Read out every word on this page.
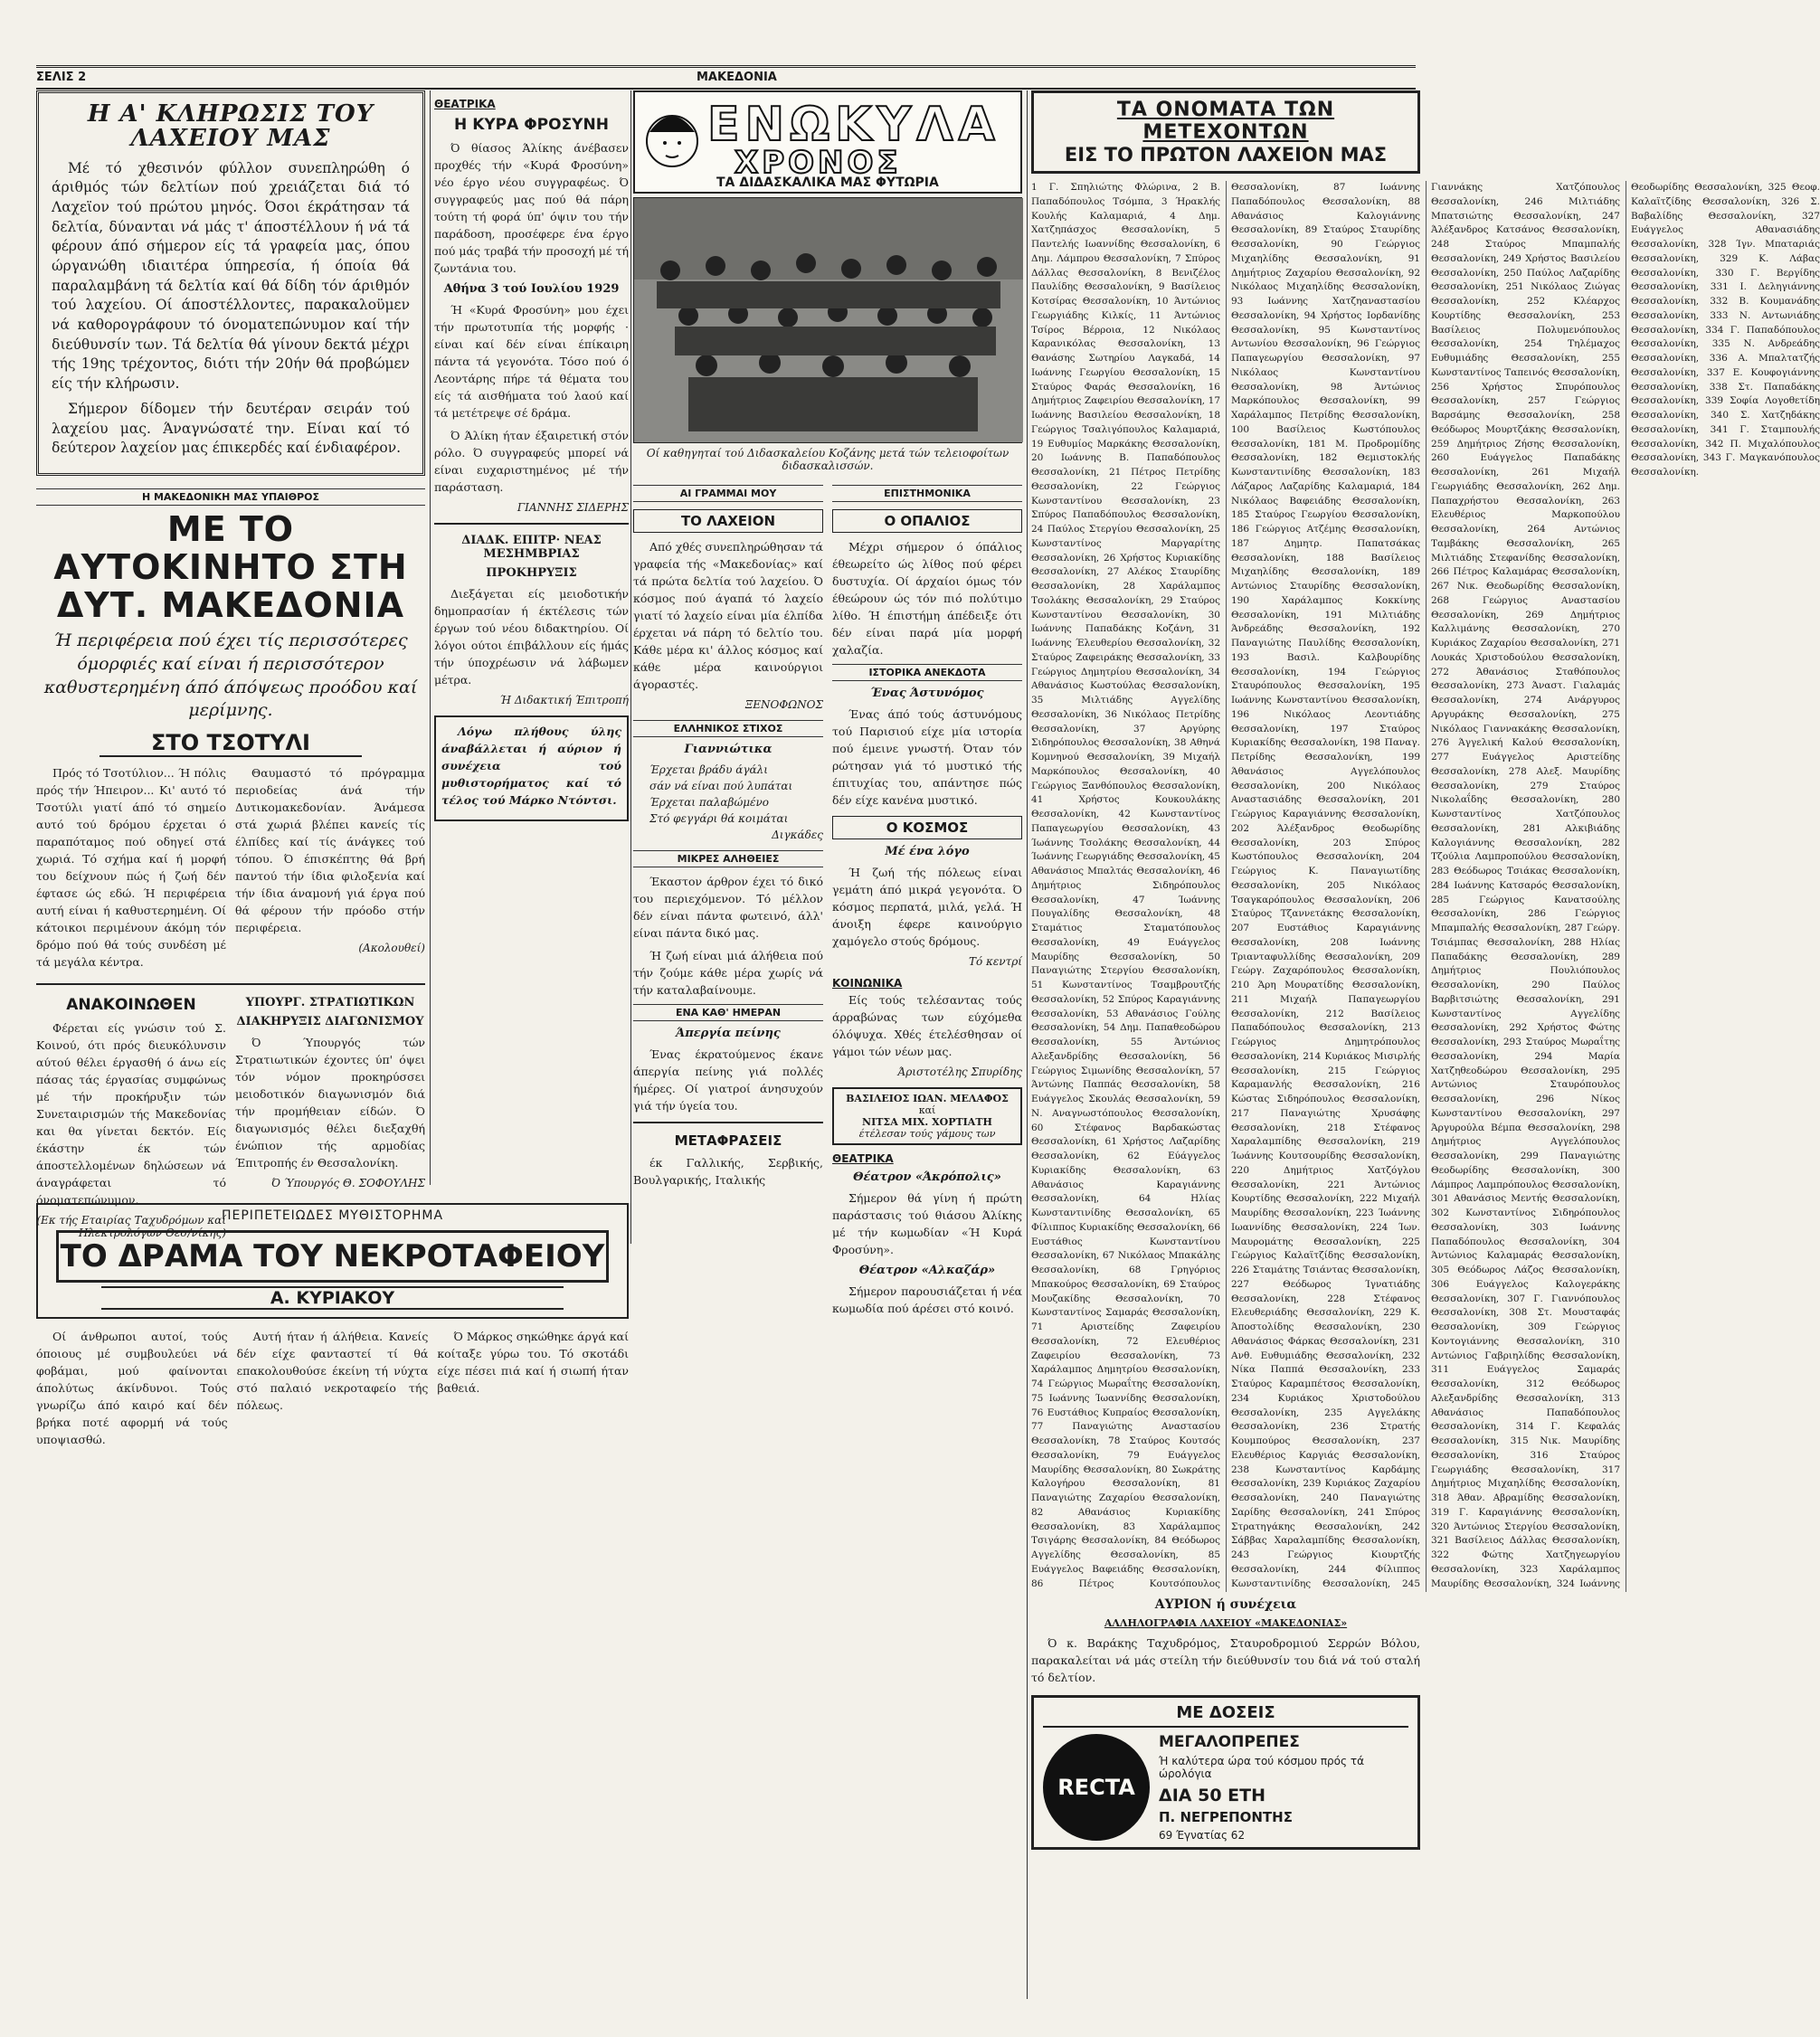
ΣΕΛΙΣ 2	ΜΑΚΕΔΟΝΙΑ
Η Α' ΚΛΗΡΩΣΙΣ ΤΟΥ ΛΑΧΕΙΟΥ ΜΑΣ

Μέ τό χθεσινόν φύλλον συνεπληρώθη ό άριθμός τών δελτίων πού χρειάζεται διά τό Λαχεϊον τού πρώτου μηνός. Όσοι έκράτησαν τά δελτία, δύνανται νά μάς τ' άποστέλλουν ή νά τά φέρουν άπό σήμερον είς τά γραφεία μας, όπου ώργανώθη ιδιαιτέρα ύπηρεσία, ή όποία θά παραλαμβάνη τά δελτία καί θά δίδη τόν άριθμόν τού λαχείου. Οί άποστέλλοντες, παρακαλοϋμεν νά καθορογράφουν τό όνοματεπώνυμον καί τήν διεύθυνσίν των. Τά δελτία θά γίνουν δεκτά μέχρι τής 19ης τρέχοντος, διότι τήν 20ήν θά προβώμεν είς τήν κλήρωσιν.

Σήμερον δίδομεν τήν δευτέραν σειράν τού λαχείου μας. Άναγνώσατέ την. Είναι καί τό δεύτερον λαχείον μας έπικερδές καί ένδιαφέρον.

Η ΜΑΚΕΔΟΝΙΚΗ ΜΑΣ ΥΠΑΙΘΡΟΣ
ΜΕ ΤΟ ΑΥΤΟΚΙΝΗΤΟ ΣΤΗ ΔΥΤ. ΜΑΚΕΔΟΝΙΑ
Ή περιφέρεια πού έχει τίς περισσότερες όμορφιές καί είναι ή περισσότερον καθυστερημένη άπό άπόψεως προόδου καί μερίμνης.
ΣΤΟ ΤΣΟΤΥΛΙ

Πρός τό Τσοτύλιον... Ή πόλις πρός τήν Ήπειρον... Κι' αυτό τό Τσοτύλι γιατί άπό τό σημείο αυτό τού δρόμου έρχεται ό παραπόταμος πού οδηγεί στά χωριά. Τό σχήμα καί ή μορφή του δείχνουν πώς ή ζωή δέν έφτασε ώς εδώ. Ή περιφέρεια αυτή είναι ή καθυστερημένη. Οί κάτοικοι περιμένουν άκόμη τόν δρόμο πού θά τούς συνδέση μέ τά μεγάλα κέντρα.

Θαυμαστό τό πρόγραμμα περιοδείας άνά τήν Δυτικομακεδονίαν. Άνάμεσα στά χωριά βλέπει κανείς τίς έλπίδες καί τίς άνάγκες τού τόπου. Ό έπισκέπτης θά βρή παντού τήν ίδια φιλοξενία καί τήν ίδια άναμονή γιά έργα πού θά φέρουν τήν πρόοδο στήν περιφέρεια.

(Ακολουθεί)
ΑΝΑΚΟΙΝΩΘΕΝ

Φέρεται είς γνώσιν τού Σ. Κοινού, ότι πρός διευκόλυνσιν αύτού θέλει έργασθή ό άνω είς πάσας τάς έργασίας συμφώνως μέ τήν προκήρυξιν τών Συνεταιρισμών τής Μακεδονίας και θα γίνεται δεκτόν. Είς έκάστην έκ τών άποστελλομένων δηλώσεων νά άναγράφεται τό όνοματεπώνυμον.

(Εκ τής Εταιρίας Ταχυδρόμων καί Ηλεκτρολόγων Θεσ/νίκης)
ΥΠΟΥΡΓ. ΣΤΡΑΤΙΩΤΙΚΩΝ
ΔΙΑΚΗΡΥΞΙΣ ΔΙΑΓΩΝΙΣΜΟΥ

Ό Ύπουργός τών Στρατιωτικών έχοντες ύπ' όψει τόν νόμον προκηρύσσει μειοδοτικόν διαγωνισμόν διά τήν προμήθειαν είδών. Ό διαγωνισμός θέλει διεξαχθή ένώπιον τής αρμοδίας Έπιτροπής έν Θεσσαλονίκη.

Ό Ύπουργός Θ. ΣΟΦΟΥΛΗΣ
ΘΕΑΤΡΙΚΑ
Η ΚΥΡΑ ΦΡΟΣΥΝΗ

Ό θίασος Άλίκης άνέβασεν προχθές τήν «Κυρά Φροσύνη» νέο έργο νέου συγγραφέως. Ό συγγραφεύς μας πού θά πάρη τούτη τή φορά ύπ' όψιν του τήν παράδοση, προσέφερε ένα έργο πού μάς τραβά τήν προσοχή μέ τή ζωντάνια του.

Αθήνα 3 τού Ιουλίου 1929

Ή «Κυρά Φροσύνη» μου έχει τήν πρωτοτυπία τής μορφής · είναι καί δέν είναι έπίκαιρη πάντα τά γεγονότα. Τόσο πού ό Λεοντάρης πήρε τά θέματα του είς τά αισθήματα τού λαού καί τά μετέτρεψε σέ δράμα.

Ό Άλίκη ήταν έξαιρετική στόν ρόλο. Ό συγγραφεύς μπορεί νά είναι ευχαριστημένος μέ τήν παράσταση.

ΓΙΑΝΝΗΣ ΣΙΔΕΡΗΣ
ΔΙΑΔΚ. ΕΠΙΤΡ· ΝΕΑΣ ΜΕΣΗΜΒΡΙΑΣ
ΠΡΟΚΗΡΥΞΙΣ

Διεξάγεται είς μειοδοτικήν δημοπρασίαν ή έκτέλεσις τών έργων τού νέου διδακτηρίου. Οί λόγοι ούτοι έπιβάλλουν είς ήμάς τήν ύποχρέωσιν νά λάβωμεν μέτρα.

Ή Διδακτική Έπιτροπή

Λόγω πλήθους ύλης άναβάλλεται ή αύριον ή συνέχεια τού μυθιστορήματος καί τό τέλος τού Μάρκο Ντόντσι.

ΠΕΡΙΠΕΤΕΙΩΔΕΣ ΜΥΘΙΣΤΟΡΗΜΑ
ΤΟ ΔΡΑΜΑ ΤΟΥ ΝΕΚΡΟΤΑΦΕΙΟΥ
Α. ΚΥΡΙΑΚΟΥ

Οί άνθρωποι αυτοί, τούς όποιους μέ συμβουλεύει νά φοβάμαι, μού φαίνονται άπολύτως άκίνδυνοι. Τούς γνωρίζω άπό καιρό καί δέν βρήκα ποτέ αφορμή νά τούς υποψιασθώ.

Αυτή ήταν ή άλήθεια. Κανείς δέν είχε φανταστεί τί θά επακολουθούσε έκείνη τή νύχτα στό παλαιό νεκροταφείο τής πόλεως.

Ό Μάρκος σηκώθηκε άργά καί κοίταξε γύρω του. Τό σκοτάδι είχε πέσει πιά καί ή σιωπή ήταν βαθειά.

ΕΝΩΚΥΛΑ
ΧΡΟΝΟΣ
ΤΑ ΔΙΔΑΣΚΑΛΙΚΑ ΜΑΣ ΦΥΤΩΡΙΑ
Οί καθηγηταί τού Διδασκαλείου Κοζάνης μετά τών τελειοφοίτων διδασκαλισσών.
ΑΙ ΓΡΑΜΜΑΙ ΜΟΥ
ΤΟ ΛΑΧΕΙΟΝ

Από χθές συνεπληρώθησαν τά γραφεία τής «Μακεδονίας» καί τά πρώτα δελτία τού λαχείου. Ό κόσμος πού άγαπά τό λαχείο γιατί τό λαχείο είναι μία έλπίδα έρχεται νά πάρη τό δελτίο του. Κάθε μέρα κι' άλλος κόσμος καί κάθε μέρα καινούργιοι άγοραστές.

ΞΕΝΟΦΩΝΟΣ
ΕΛΛΗΝΙΚΟΣ ΣΤΙΧΟΣ
Γιαννιώτικα
Έρχεται βράδυ άγάλι
σάν νά είναι πού λυπάται
Έρχεται παλαβώμένο
Στό φεγγάρι θά κοιμάται
Διγκάδες
ΜΙΚΡΕΣ ΑΛΗΘΕΙΕΣ

Έκαστον άρθρον έχει τό δικό του περιεχόμενον. Τό μέλλον δέν είναι πάντα φωτεινό, άλλ' είναι πάντα δικό μας.

Ή ζωή είναι μιά άλήθεια πού τήν ζούμε κάθε μέρα χωρίς νά τήν καταλαβαίνουμε.

ΕΝΑ ΚΑΘ' ΗΜΕΡΑΝ
Άπεργία πείνης

Ένας έκρατούμενος έκανε άπεργία πείνης γιά πολλές ήμέρες. Οί γιατροί άνησυχούν γιά τήν ύγεία του.

ΜΕΤΑΦΡΑΣΕΙΣ

έκ Γαλλικής, Σερβικής, Βουλγαρικής, Ιταλικής

ΕΠΙΣΤΗΜΟΝΙΚΑ
Ο ΟΠΑΛΙΟΣ

Μέχρι σήμερον ό όπάλιος έθεωρείτο ώς λίθος πού φέρει δυστυχία. Οί άρχαίοι όμως τόν έθεώρουν ώς τόν πιό πολύτιμο λίθο. Ή έπιστήμη άπέδειξε ότι δέν είναι παρά μία μορφή χαλαζία.

ΙΣΤΟΡΙΚΑ ΑΝΕΚΔΟΤΑ
Ένας Άστυνόμος

Ένας άπό τούς άστυνόμους τού Παρισιού είχε μία ιστορία πού έμεινε γνωστή. Όταν τόν ρώτησαν γιά τό μυστικό τής έπιτυχίας του, απάντησε πώς δέν είχε κανένα μυστικό.

Ο ΚΟΣΜΟΣ
Μέ ένα λόγο

Ή ζωή τής πόλεως είναι γεμάτη άπό μικρά γεγονότα. Ό κόσμος περπατά, μιλά, γελά. Ή άνοιξη έφερε καινούργιο χαμόγελο στούς δρόμους.

Τό κεντρί
ΚΟΙΝΩΝΙΚΑ

Είς τούς τελέσαντας τούς άρραβώνας των εύχόμεθα όλόψυχα. Χθές έτελέσθησαν οί γάμοι τών νέων μας.

Άριστοτέλης Σπυρίδης
ΒΑΣΙΛΕΙΟΣ ΙΩΑΝ. ΜΕΛΑΦΟΣ
καί
ΝΙΤΣΑ ΜΙΧ. ΧΟΡΤΙΑΤΗ
έτέλεσαν τούς γάμους των
ΘΕΑΤΡΙΚΑ
Θέατρον «Άκρόπολις»

Σήμερον θά γίνη ή πρώτη παράστασις τού θιάσου Άλίκης μέ τήν κωμωδίαν «Ή Κυρά Φροσύνη».

Θέατρον «Αλκαζάρ»

Σήμερον παρουσιάζεται ή νέα κωμωδία πού άρέσει στό κοινό.

ΤΑ ΟΝΟΜΑΤΑ ΤΩΝ ΜΕΤΕΧΟΝΤΩΝ
ΕΙΣ ΤΟ ΠΡΩΤΟΝ ΛΑΧΕΙΟΝ ΜΑΣ

1 Γ. Σπηλιώτης Φλώρινα, 2 Β. Παπαδόπουλος Τσόμπα, 3 Ήρακλής Κουλής Καλαμαριά, 4 Δημ. Χατζηπάσχος Θεσσαλονίκη, 5 Παντελής Ιωαννίδης Θεσσαλονίκη, 6 Δημ. Λάμπρου Θεσσαλονίκη, 7 Σπύρος Δάλλας Θεσσαλονίκη, 8 Βενιζέλος Παυλίδης Θεσσαλονίκη, 9 Βασίλειος Κοτσίρας Θεσσαλονίκη, 10 Άντώνιος Γεωργιάδης Κιλκίς, 11 Άντώνιος Τσίρος Βέρροια, 12 Νικόλαος Καρανικόλας Θεσσαλονίκη, 13 Θανάσης Σωτηρίου Λαγκαδά, 14 Ιωάννης Γεωργίου Θεσσαλονίκη, 15 Σταύρος Φαράς Θεσσαλονίκη, 16 Δημήτριος Ζαφειρίου Θεσσαλονίκη, 17 Ιωάννης Βασιλείου Θεσσαλονίκη, 18 Γεώργιος Τσαλιγόπουλος Καλαμαριά, 19 Ευθυμίος Μαρκάκης Θεσσαλονίκη, 20 Ιωάννης Β. Παπαδόπουλος Θεσσαλονίκη, 21 Πέτρος Πετρίδης Θεσσαλονίκη, 22 Γεώργιος Κωνσταντίνου Θεσσαλονίκη, 23 Σπύρος Παπαδόπουλος Θεσσαλονίκη, 24 Παύλος Στεργίου Θεσσαλονίκη, 25 Κωνσταντίνος Μαργαρίτης Θεσσαλονίκη, 26 Χρήστος Κυριακίδης Θεσσαλονίκη, 27 Αλέκος Σταυρίδης Θεσσαλονίκη, 28 Χαράλαμπος Τσολάκης Θεσσαλονίκη, 29 Σταύρος Κωνσταντίνου Θεσσαλονίκη, 30 Ιωάννης Παπαδάκης Κοζάνη, 31 Ιωάννης Έλευθερίου Θεσσαλονίκη, 32 Σταύρος Ζαφειράκης Θεσσαλονίκη, 33 Γεώργιος Δημητρίου Θεσσαλονίκη, 34 Αθανάσιος Κωστούλας Θεσσαλονίκη, 35 Μιλτιάδης Αγγελίδης Θεσσαλονίκη, 36 Νικόλαος Πετρίδης Θεσσαλονίκη, 37 Αργύρης Σιδηρόπουλος Θεσσαλονίκη, 38 Αθηνά Κομνηνού Θεσσαλονίκη, 39 Μιχαήλ Μαρκόπουλος Θεσσαλονίκη, 40 Γεώργιος Ξανθόπουλος Θεσσαλονίκη, 41 Χρήστος Κουκουλάκης Θεσσαλονίκη, 42 Κωνσταντίνος Παπαγεωργίου Θεσσαλονίκη, 43 Ίωάννης Τσολάκης Θεσσαλονίκη, 44 Ίωάννης Γεωργιάδης Θεσσαλονίκη, 45 Αθανάσιος Μπαλτάς Θεσσαλονίκη, 46 Δημήτριος Σιδηρόπουλος Θεσσαλονίκη, 47 Ίωάννης Πουγαλίδης Θεσσαλονίκη, 48 Σταμάτιος Σταματόπουλος Θεσσαλονίκη, 49 Ευάγγελος Μαυρίδης Θεσσαλονίκη, 50 Παναγιώτης Στεργίου Θεσσαλονίκη, 51 Κωνσταντίνος Τσαμβρουτζής Θεσσαλονίκη, 52 Σπύρος Καραγιάννης Θεσσαλονίκη, 53 Αθανάσιος Γούλης Θεσσαλονίκη, 54 Δημ. Παπαθεοδώρου Θεσσαλονίκη, 55 Άντώνιος Αλεξανδρίδης Θεσσαλονίκη, 56 Γεώργιος Σιμωνίδης Θεσσαλονίκη, 57 Άντώνης Παππάς Θεσσαλονίκη, 58 Ευάγγελος Σκουλάς Θεσσαλονίκη, 59 Ν. Αναγνωστόπουλος Θεσσαλονίκη, 60 Στέφανος Βαρδακώστας Θεσσαλονίκη, 61 Χρήστος Λαζαρίδης Θεσσαλονίκη, 62 Εύάγγελος Κυριακίδης Θεσσαλονίκη, 63 Αθανάσιος Καραγιάννης Θεσσαλονίκη, 64 Ηλίας Κωνσταντινίδης Θεσσαλονίκη, 65 Φίλιππος Κυριακίδης Θεσσαλονίκη, 66 Ευστάθιος Κωνσταντίνου Θεσσαλονίκη, 67 Νικόλαος Μπακάλης Θεσσαλονίκη, 68 Γρηγόριος Μπακούρος Θεσσαλονίκη, 69 Σταύρος Μουζακίδης Θεσσαλονίκη, 70 Κωνσταντίνος Σαμαράς Θεσσαλονίκη, 71 Αριστείδης Ζαφειρίου Θεσσαλονίκη, 72 Ελευθέριος Ζαφειρίου Θεσσαλονίκη, 73 Χαράλαμπος Δημητρίου Θεσσαλονίκη, 74 Γεώργιος Μωραΐτης Θεσσαλονίκη, 75 Ιωάννης Ίωαννίδης Θεσσαλονίκη, 76 Ευστάθιος Κυπραίος Θεσσαλονίκη, 77 Παναγιώτης Αναστασίου Θεσσαλονίκη, 78 Σταύρος Κουτσός Θεσσαλονίκη, 79 Ευάγγελος Μαυρίδης Θεσσαλονίκη, 80 Σωκράτης Καλογήρου Θεσσαλονίκη, 81 Παναγιώτης Ζαχαρίου Θεσσαλονίκη, 82 Αθανάσιος Κυριακίδης Θεσσαλονίκη, 83 Χαράλαμπος Τσιγάρης Θεσσαλονίκη, 84 Θεόδωρος Αγγελίδης Θεσσαλονίκη, 85 Ευάγγελος Βαφειάδης Θεσσαλονίκη, 86 Πέτρος Κουτσόπουλος Θεσσαλονίκη, 87 Ιωάννης Παπαδόπουλος Θεσσαλονίκη, 88 Αθανάσιος Καλογιάννης Θεσσαλονίκη, 89 Σταύρος Σταυρίδης Θεσσαλονίκη, 90 Γεώργιος Μιχαηλίδης Θεσσαλονίκη, 91 Δημήτριος Ζαχαρίου Θεσσαλονίκη, 92 Νικόλαος Μιχαηλίδης Θεσσαλονίκη, 93 Ιωάννης Χατζηαναστασίου Θεσσαλονίκη, 94 Χρήστος Ιορδανίδης Θεσσαλονίκη, 95 Κωνσταντίνος Αντωνίου Θεσσαλονίκη, 96 Γεώργιος Παπαγεωργίου Θεσσαλονίκη, 97 Νικόλαος Κωνσταντίνου Θεσσαλονίκη, 98 Άντώνιος Μαρκόπουλος Θεσσαλονίκη, 99 Χαράλαμπος Πετρίδης Θεσσαλονίκη, 100 Βασίλειος Κωστόπουλος Θεσσαλονίκη, 181 Μ. Προδρομίδης Θεσσαλονίκη, 182 Θεμιστοκλής Κωνσταντινίδης Θεσσαλονίκη, 183 Λάζαρος Λαζαρίδης Καλαμαριά, 184 Νικόλαος Βαφειάδης Θεσσαλονίκη, 185 Σταύρος Γεωργίου Θεσσαλονίκη, 186 Γεώργιος Ατζέμης Θεσσαλονίκη, 187 Δημητρ. Παπατσάκας Θεσσαλονίκη, 188 Βασίλειος Μιχαηλίδης Θεσσαλονίκη, 189 Αντώνιος Σταυρίδης Θεσσαλονίκη, 190 Χαράλαμπος Κοκκίνης Θεσσαλονίκη, 191 Μιλτιάδης Άνδρεάδης Θεσσαλονίκη, 192 Παναγιώτης Παυλίδης Θεσσαλονίκη, 193 Βασιλ. Καλβουρίδης Θεσσαλονίκη, 194 Γεώργιος Σταυρόπουλος Θεσσαλονίκη, 195 Ιωάννης Κωνσταντίνου Θεσσαλονίκη, 196 Νικόλαος Λεοντιάδης Θεσσαλονίκη, 197 Σταύρος Κυριακίδης Θεσσαλονίκη, 198 Παναγ. Πετρίδης Θεσσαλονίκη, 199 Άθανάσιος Αγγελόπουλος Θεσσαλονίκη, 200 Νικόλαος Αναστασιάδης Θεσσαλονίκη, 201 Γεώργιος Καραγιάννης Θεσσαλονίκη, 202 Άλέξανδρος Θεοδωρίδης Θεσσαλονίκη, 203 Σπύρος Κωστόπουλος Θεσσαλονίκη, 204 Γεώργιος Κ. Παναγιωτίδης Θεσσαλονίκη, 205 Νικόλαος Τσαγκαρόπουλος Θεσσαλονίκη, 206 Σταύρος Τζαννετάκης Θεσσαλονίκη, 207 Ευστάθιος Καραγιάννης Θεσσαλονίκη, 208 Ιωάννης Τριανταφυλλίδης Θεσσαλονίκη, 209 Γεώργ. Ζαχαρόπουλος Θεσσαλονίκη, 210 Άρη Μουρατίδης Θεσσαλονίκη, 211 Μιχαήλ Παπαγεωργίου Θεσσαλονίκη, 212 Βασίλειος Παπαδόπουλος Θεσσαλονίκη, 213 Γεώργιος Δημητρόπουλος Θεσσαλονίκη, 214 Κυριάκος Μισιρλής Θεσσαλονίκη, 215 Γεώργιος Καραμανλής Θεσσαλονίκη, 216 Κώστας Σιδηρόπουλος Θεσσαλονίκη, 217 Παναγιώτης Χρυσάφης Θεσσαλονίκη, 218 Στέφανος Χαραλαμπίδης Θεσσαλονίκη, 219 Ίωάννης Κουτσουρίδης Θεσσαλονίκη, 220 Δημήτριος Χατζόγλου Θεσσαλονίκη, 221 Άντώνιος Κουρτίδης Θεσσαλονίκη, 222 Μιχαήλ Μαυρίδης Θεσσαλονίκη, 223 Ίωάννης Ιωαννίδης Θεσσαλονίκη, 224 Ίων. Μαυρομάτης Θεσσαλονίκη, 225 Γεώργιος Καλαϊτζίδης Θεσσαλονίκη, 226 Σταμάτης Τσιάντας Θεσσαλονίκη, 227 Θεόδωρος Ίγνατιάδης Θεσσαλονίκη, 228 Στέφανος Ελευθεριάδης Θεσσαλονίκη, 229 Κ. Άποστολίδης Θεσσαλονίκη, 230 Αθανάσιος Φάρκας Θεσσαλονίκη, 231 Ανθ. Ευθυμιάδης Θεσσαλονίκη, 232 Νίκα Παππά Θεσσαλονίκη, 233 Σταύρος Καραμπέτσος Θεσσαλονίκη, 234 Κυριάκος Χριστοδούλου Θεσσαλονίκη, 235 Αγγελάκης Θεσσαλονίκη, 236 Στρατής Κουμπούρος Θεσσαλονίκη, 237 Ελευθέριος Καργιάς Θεσσαλονίκη, 238 Κωνσταντίνος Καρδάμης Θεσσαλονίκη, 239 Κυριάκος Ζαχαρίου Θεσσαλονίκη, 240 Παναγιώτης Σαρίδης Θεσσαλονίκη, 241 Σπύρος Στρατηγάκης Θεσσαλονίκη, 242 Σάββας Χαραλαμπίδης Θεσσαλονίκη, 243 Γεώργιος Κιουρτζής Θεσσαλονίκη, 244 Φίλιππος Κωνσταντινίδης Θεσσαλονίκη, 245 Γιαννάκης Χατζόπουλος Θεσσαλονίκη, 246 Μιλτιάδης Μπατσιώτης Θεσσαλονίκη, 247 Άλέξανδρος Κατσάνος Θεσσαλονίκη, 248 Σταύρος Μπαμπαλής Θεσσαλονίκη, 249 Χρήστος Βασιλείου Θεσσαλονίκη, 250 Παύλος Λαζαρίδης Θεσσαλονίκη, 251 Νικόλαος Ζιώγας Θεσσαλονίκη, 252 Κλέαρχος Κουρτίδης Θεσσαλονίκη, 253 Βασίλειος Πολυμενόπουλος Θεσσαλονίκη, 254 Τηλέμαχος Ευθυμιάδης Θεσσαλονίκη, 255 Κωνσταντίνος Ταπεινός Θεσσαλονίκη, 256 Χρήστος Σπυρόπουλος Θεσσαλονίκη, 257 Γεώργιος Βαρσάμης Θεσσαλονίκη, 258 Θεόδωρος Μουρτζάκης Θεσσαλονίκη, 259 Δημήτριος Ζήσης Θεσσαλονίκη, 260 Ευάγγελος Παπαδάκης Θεσσαλονίκη, 261 Μιχαήλ Γεωργιάδης Θεσσαλονίκη, 262 Δημ. Παπαχρήστου Θεσσαλονίκη, 263 Ελευθέριος Μαρκοπούλου Θεσσαλονίκη, 264 Αντώνιος Ταμβάκης Θεσσαλονίκη, 265 Μιλτιάδης Στεφανίδης Θεσσαλονίκη, 266 Πέτρος Καλαμάρας Θεσσαλονίκη, 267 Νικ. Θεοδωρίδης Θεσσαλονίκη, 268 Γεώργιος Αναστασίου Θεσσαλονίκη, 269 Δημήτριος Καλλιμάνης Θεσσαλονίκη, 270 Κυριάκος Ζαχαρίου Θεσσαλονίκη, 271 Λουκάς Χριστοδούλου Θεσσαλονίκη, 272 Άθανάσιος Σταθόπουλος Θεσσαλονίκη, 273 Άναστ. Γιαλαμάς Θεσσαλονίκη, 274 Ανάργυρος Αργυράκης Θεσσαλονίκη, 275 Νικόλαος Γιαννακάκης Θεσσαλονίκη, 276 Άγγελική Καλού Θεσσαλονίκη, 277 Ευάγγελος Αριστείδης Θεσσαλονίκη, 278 Αλεξ. Μαυρίδης Θεσσαλονίκη, 279 Σταύρος Νικολαΐδης Θεσσαλονίκη, 280 Κωνσταντίνος Χατζόπουλος Θεσσαλονίκη, 281 Αλκιβιάδης Καλογιάννης Θεσσαλονίκη, 282 Τζούλια Λαμπροπούλου Θεσσαλονίκη, 283 Θεόδωρος Τσιάκας Θεσσαλονίκη, 284 Ιωάννης Κατσαρός Θεσσαλονίκη, 285 Γεώργιος Κανατσούλης Θεσσαλονίκη, 286 Γεώργιος Μπαμπαλής Θεσσαλονίκη, 287 Γεώργ. Τσιάμπας Θεσσαλονίκη, 288 Ηλίας Παπαδάκης Θεσσαλονίκη, 289 Δημήτριος Πουλιόπουλος Θεσσαλονίκη, 290 Παύλος Βαρβιτσιώτης Θεσσαλονίκη, 291 Κωνσταντίνος Αγγελίδης Θεσσαλονίκη, 292 Χρήστος Φώτης Θεσσαλονίκη, 293 Σταύρος Μωραΐτης Θεσσαλονίκη, 294 Μαρία Χατζηθεοδώρου Θεσσαλονίκη, 295 Αντώνιος Σταυρόπουλος Θεσσαλονίκη, 296 Νίκος Κωνσταντίνου Θεσσαλονίκη, 297 Άργυρούλα Βέμπα Θεσσαλονίκη, 298 Δημήτριος Αγγελόπουλος Θεσσαλονίκη, 299 Παναγιώτης Θεοδωρίδης Θεσσαλονίκη, 300 Λάμπρος Λαμπρόπουλος Θεσσαλονίκη, 301 Αθανάσιος Μεντής Θεσσαλονίκη, 302 Κωνσταντίνος Σιδηρόπουλος Θεσσαλονίκη, 303 Ιωάννης Παπαδόπουλος Θεσσαλονίκη, 304 Άντώνιος Καλαμαράς Θεσσαλονίκη, 305 Θεόδωρος Λάζος Θεσσαλονίκη, 306 Ευάγγελος Καλογεράκης Θεσσαλονίκη, 307 Γ. Γιαννόπουλος Θεσσαλονίκη, 308 Στ. Μουσταφάς Θεσσαλονίκη, 309 Γεώργιος Κοντογιάννης Θεσσαλονίκη, 310 Αντώνιος Γαβριηλίδης Θεσσαλονίκη, 311 Ευάγγελος Σαμαράς Θεσσαλονίκη, 312 Θεόδωρος Αλεξανδρίδης Θεσσαλονίκη, 313 Αθανάσιος Παπαδόπουλος Θεσσαλονίκη, 314 Γ. Κεφαλάς Θεσσαλονίκη, 315 Νικ. Μαυρίδης Θεσσαλονίκη, 316 Σταύρος Γεωργιάδης Θεσσαλονίκη, 317 Δημήτριος Μιχαηλίδης Θεσσαλονίκη, 318 Άθαν. Αβραμίδης Θεσσαλονίκη, 319 Γ. Καραγιάννης Θεσσαλονίκη, 320 Άντώνιος Στεργίου Θεσσαλονίκη, 321 Βασίλειος Δάλλας Θεσσαλονίκη, 322 Φώτης Χατζηγεωργίου Θεσσαλονίκη, 323 Χαράλαμπος Μαυρίδης Θεσσαλονίκη, 324 Ιωάννης Θεοδωρίδης Θεσσαλονίκη, 325 Θεοφ. Καλαϊτζίδης Θεσσαλονίκη, 326 Σ. Βαβαλίδης Θεσσαλονίκη, 327 Ευάγγελος Αθανασιάδης Θεσσαλονίκη, 328 Ίγν. Μπαταριάς Θεσσαλονίκη, 329 Κ. Λάβας Θεσσαλονίκη, 330 Γ. Βεργίδης Θεσσαλονίκη, 331 Ι. Δεληγιάννης Θεσσαλονίκη, 332 Β. Κουμανάδης Θεσσαλονίκη, 333 Ν. Αντωνιάδης Θεσσαλονίκη, 334 Γ. Παπαδόπουλος Θεσσαλονίκη, 335 Ν. Ανδρεάδης Θεσσαλονίκη, 336 Α. Μπαλτατζής Θεσσαλονίκη, 337 Ε. Κουφογιάννης Θεσσαλονίκη, 338 Στ. Παπαδάκης Θεσσαλονίκη, 339 Σοφία Λογοθετίδη Θεσσαλονίκη, 340 Σ. Χατζηδάκης Θεσσαλονίκη, 341 Γ. Σταμπουλής Θεσσαλονίκη, 342 Π. Μιχαλόπουλος Θεσσαλονίκη, 343 Γ. Μαγκανόπουλος Θεσσαλονίκη.

ΑΥΡΙΟΝ ή συνέχεια
ΑΛΛΗΛΟΓΡΑΦΙΑ ΛΑΧΕΙΟΥ «ΜΑΚΕΔΟΝΙΑΣ»

Ό κ. Βαράκης Ταχυδρόμος, Σταυροδρομιού Σερρών Βόλου, παρακαλείται νά μάς στείλη τήν διεύθυνσίν του διά νά τού σταλή τό δελτίον.

ΜΕ ΔΟΣΕΙΣ
RECTA
ΜΕΓΑΛΟΠΡΕΠΕΣ
Ή καλύτερα ώρα τού κόσμου πρός τά ώρολόγια
ΔΙΑ 50 ΕΤΗ
Π. ΝΕΓΡΕΠΟΝΤΗΣ
69 Έγνατίας 62
